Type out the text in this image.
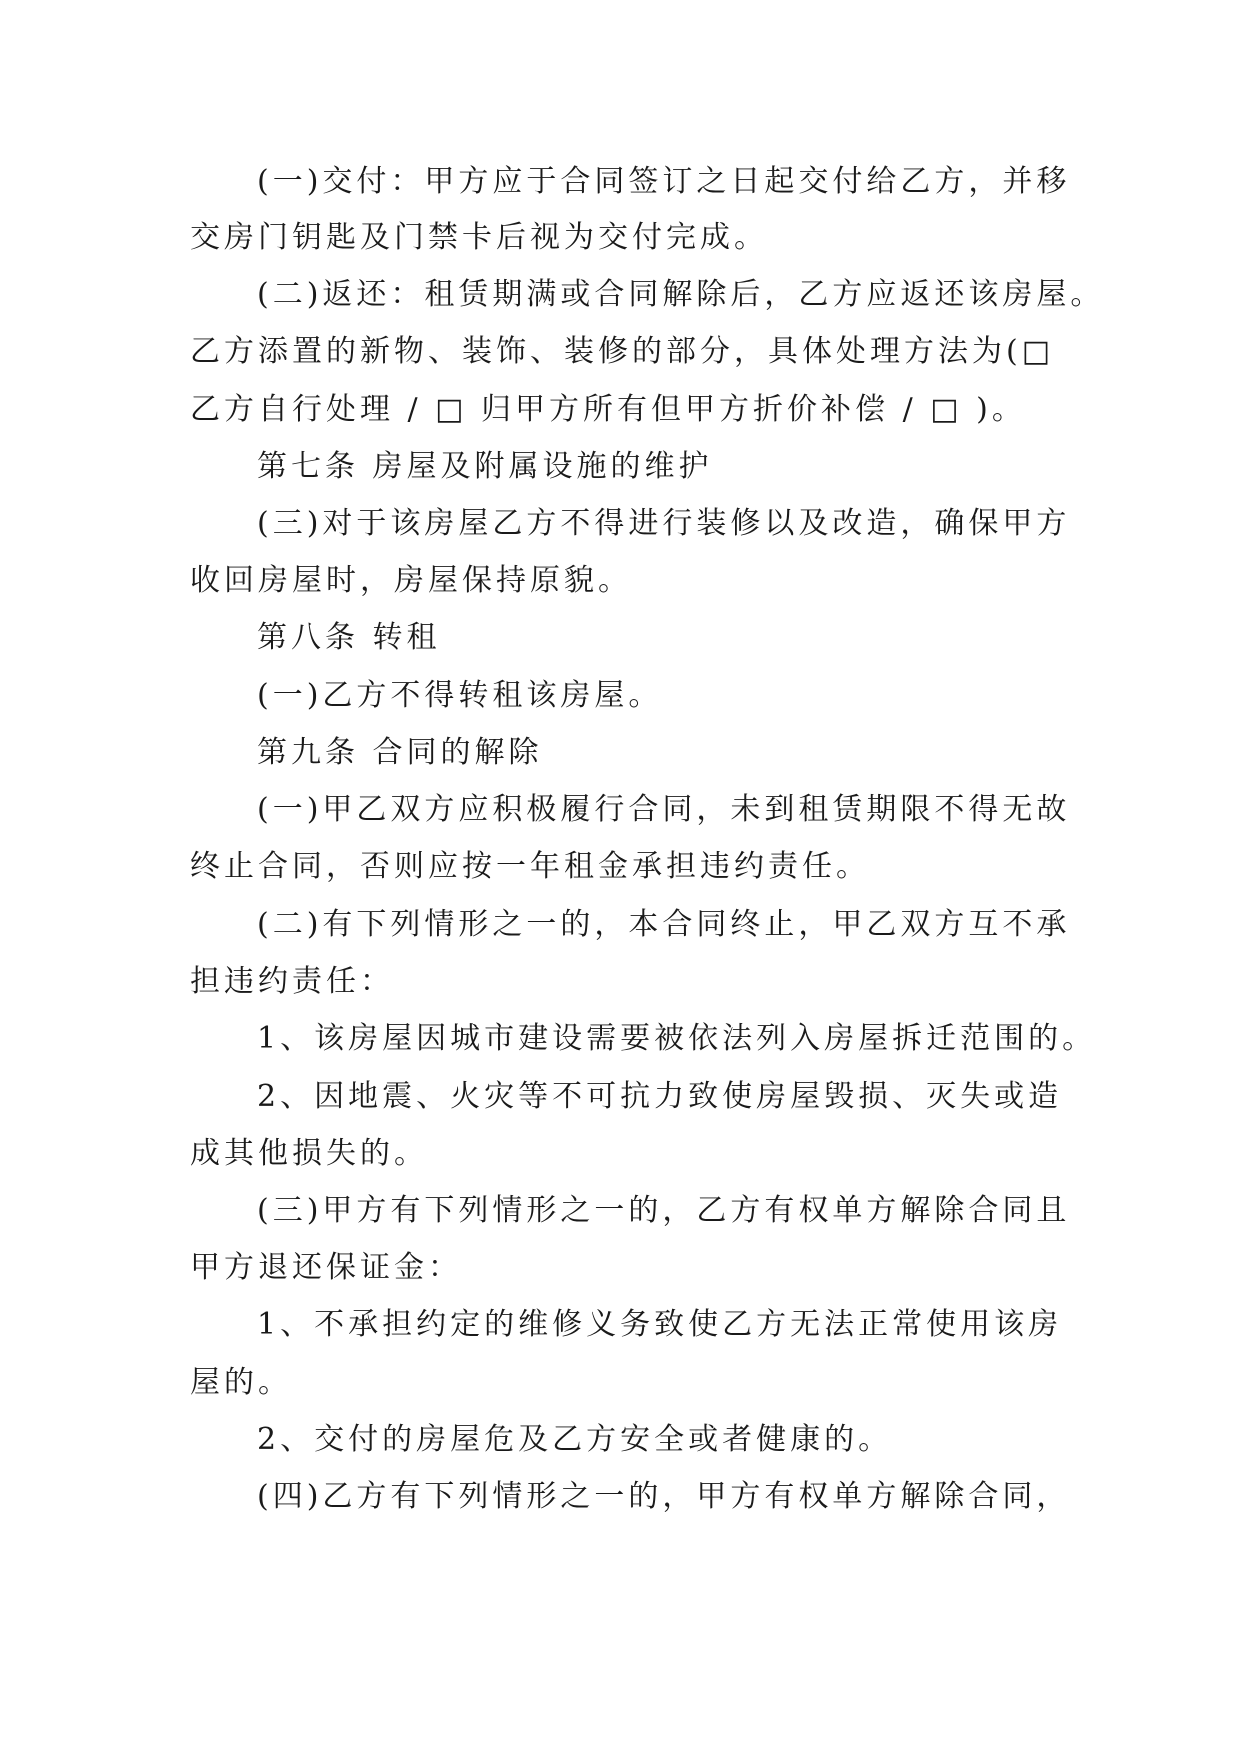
(一)交付：甲方应于合同签订之日起交付给乙方，并移
交房门钥匙及门禁卡后视为交付完成。
(二)返还：租赁期满或合同解除后，乙方应返还该房屋。
乙方添置的新物、装饰、装修的部分，具体处理方法为(□
乙方自行处理 / □ 归甲方所有但甲方折价补偿 / □ )。
第七条 房屋及附属设施的维护
(三)对于该房屋乙方不得进行装修以及改造，确保甲方
收回房屋时，房屋保持原貌。
第八条 转租
(一)乙方不得转租该房屋。
第九条 合同的解除
(一)甲乙双方应积极履行合同，未到租赁期限不得无故
终止合同，否则应按一年租金承担违约责任。
(二)有下列情形之一的，本合同终止，甲乙双方互不承
担违约责任：
1、该房屋因城市建设需要被依法列入房屋拆迁范围的。
2、因地震、火灾等不可抗力致使房屋毁损、灭失或造
成其他损失的。
(三)甲方有下列情形之一的，乙方有权单方解除合同且
甲方退还保证金：
1、不承担约定的维修义务致使乙方无法正常使用该房
屋的。
2、交付的房屋危及乙方安全或者健康的。
(四)乙方有下列情形之一的，甲方有权单方解除合同，
